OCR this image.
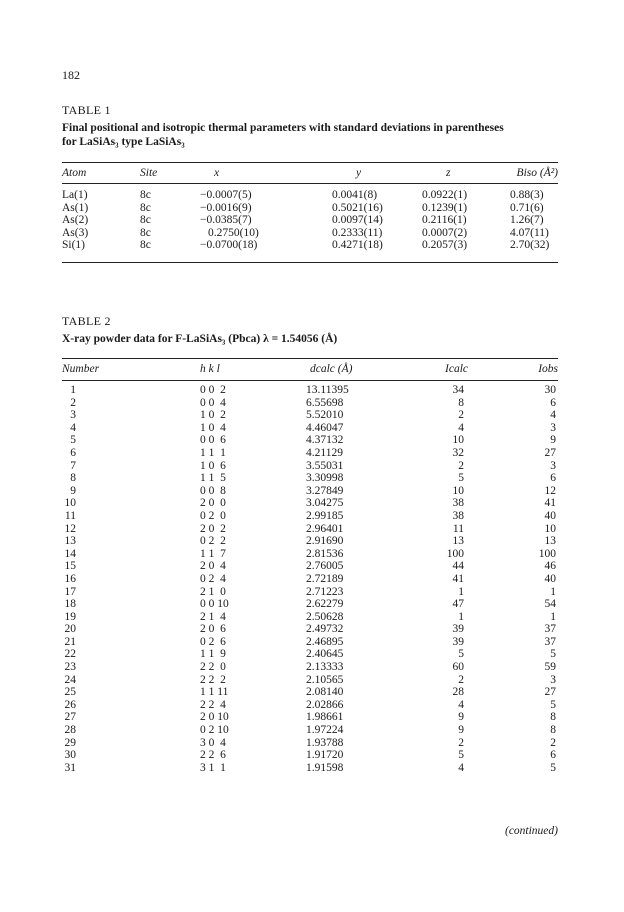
182
TABLE 1
Final positional and isotropic thermal parameters with standard deviations in parentheses
for LaSiAs₃ type LaSiAs₃
Atom	Site	x	y	z	Biso (Å²)
La(1)	8c	−0.0007(5)	0.0041(8)	0.0922(1)	0.88(3)
As(1)	8c	−0.0016(9)	0.5021(16)	0.1239(1)	0.71(6)
As(2)	8c	−0.0385(7)	0.0097(14)	0.2116(1)	1.26(7)
As(3)	8c	0.2750(10)	0.2333(11)	0.0007(2)	4.07(11)
Si(1)	8c	−0.0700(18)	0.4271(18)	0.2057(3)	2.70(32)
TABLE 2
X-ray powder data for F-LaSiAs₃ (Pbca) λ = 1.54056 (Å)
Number	h k l	dcalc (Å)	Icalc	Iobs
1	0 0  2	13.11395	34	30
2	0 0  4	6.55698	8	6
3	1 0  2	5.52010	2	4
4	1 0  4	4.46047	4	3
5	0 0  6	4.37132	10	9
6	1 1  1	4.21129	32	27
7	1 0  6	3.55031	2	3
8	1 1  5	3.30998	5	6
9	0 0  8	3.27849	10	12
10	2 0  0	3.04275	38	41
11	0 2  0	2.99185	38	40
12	2 0  2	2.96401	11	10
13	0 2  2	2.91690	13	13
14	1 1  7	2.81536	100	100
15	2 0  4	2.76005	44	46
16	0 2  4	2.72189	41	40
17	2 1  0	2.71223	1	1
18	0 0 10	2.62279	47	54
19	2 1  4	2.50628	1	1
20	2 0  6	2.49732	39	37
21	0 2  6	2.46895	39	37
22	1 1  9	2.40645	5	5
23	2 2  0	2.13333	60	59
24	2 2  2	2.10565	2	3
25	1 1 11	2.08140	28	27
26	2 2  4	2.02866	4	5
27	2 0 10	1.98661	9	8
28	0 2 10	1.97224	9	8
29	3 0  4	1.93788	2	2
30	2 2  6	1.91720	5	6
31	3 1  1	1.91598	4	5
(continued)
